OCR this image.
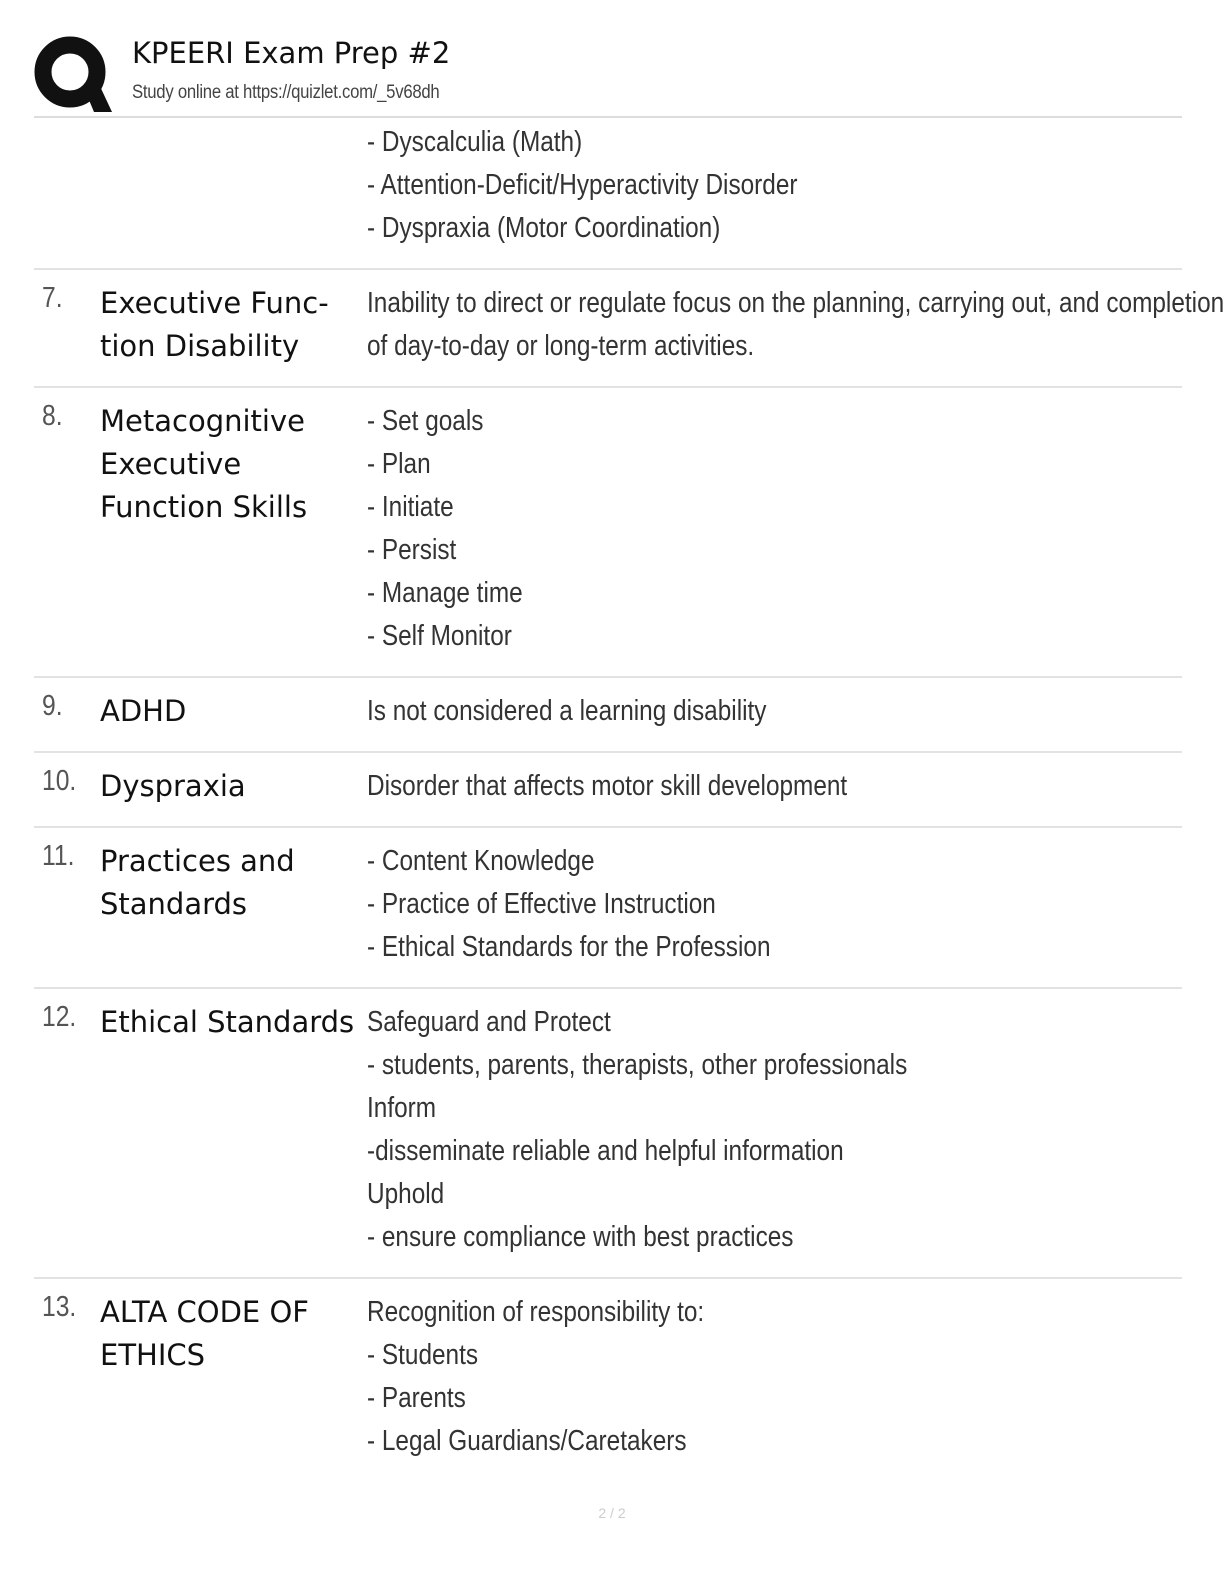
KPEERI Exam Prep #2
Study online at https://quizlet.com/_5v68dh
- Dyscalculia (Math)
- Attention-Deficit/Hyperactivity Disorder
- Dyspraxia (Motor Coordination)
7. Executive Func- tion Disability
Inability to direct or regulate focus on the planning, carrying out, and completion
of day-to-day or long-term activities.
8. Metacognitive Executive Function Skills
- Set goals
- Plan
- Initiate
- Persist
- Manage time
- Self Monitor
9. ADHD	Is not considered a learning disability
10. Dyspraxia	Disorder that affects motor skill development
11. Practices and Standards
- Content Knowledge
- Practice of Effective Instruction
- Ethical Standards for the Profession
12. Ethical Standards Safeguard and Protect
- students, parents, therapists, other professionals
Inform
-disseminate reliable and helpful information
Uphold
- ensure compliance with best practices
13. ALTA CODE OF ETHICS
Recognition of responsibility to:
- Students
- Parents
- Legal Guardians/Caretakers
2 / 2
